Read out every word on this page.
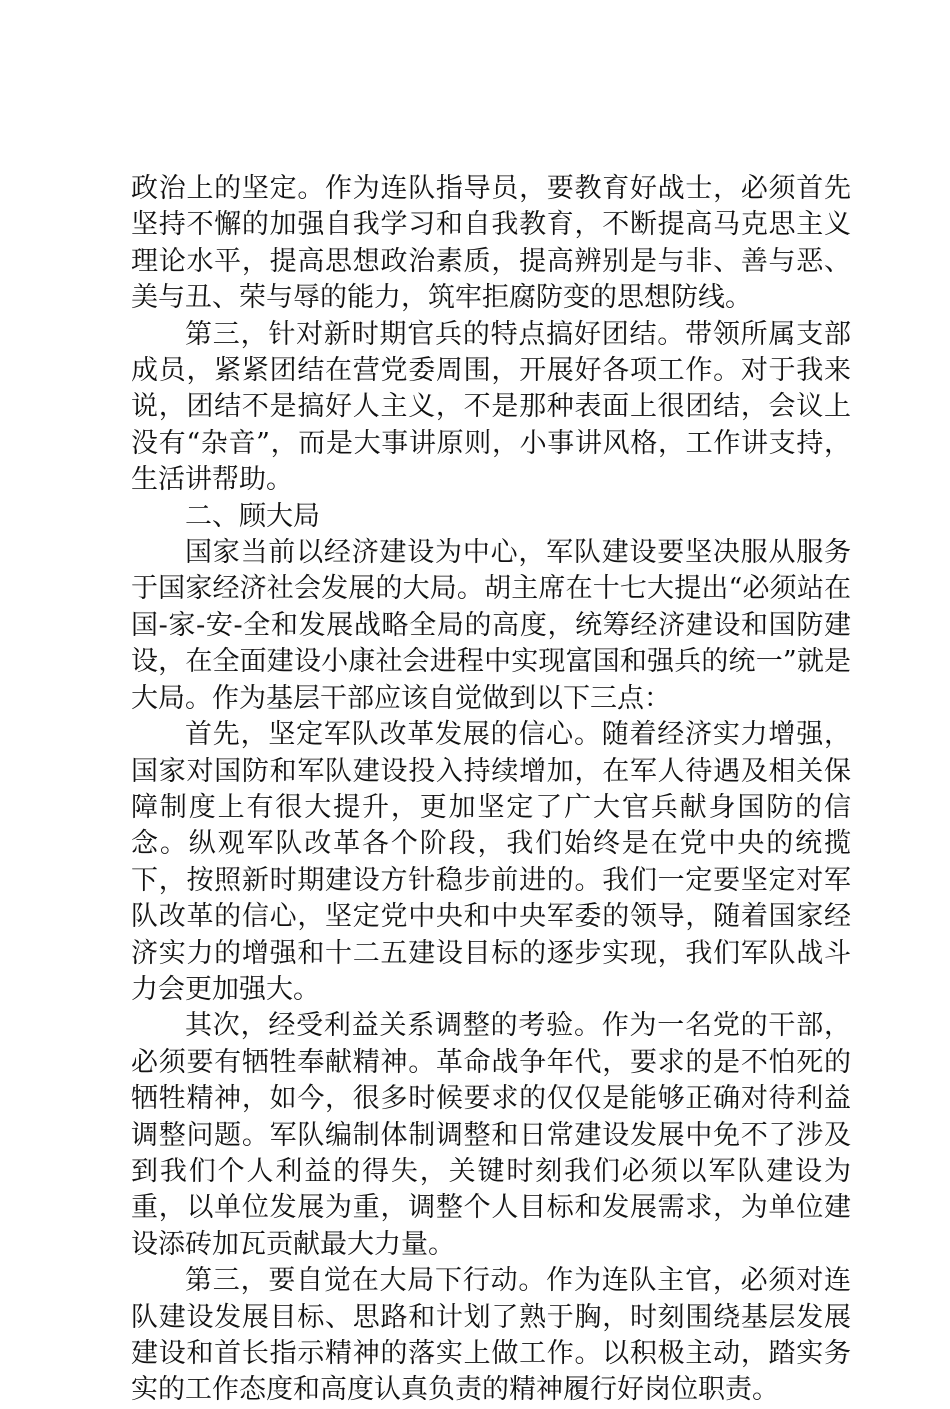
政治上的坚定。作为连队指导员，要教育好战士，必须首先坚持不懈的加强自我学习和自我教育，不断提高马克思主义理论水平，提高思想政治素质，提高辨别是与非、善与恶、美与丑、荣与辱的能力，筑牢拒腐防变的思想防线。

第三，针对新时期官兵的特点搞好团结。带领所属支部成员，紧紧团结在营党委周围，开展好各项工作。对于我来说，团结不是搞好人主义，不是那种表面上很团结，会议上没有“杂音”，而是大事讲原则，小事讲风格，工作讲支持，生活讲帮助。

二、顾大局

国家当前以经济建设为中心，军队建设要坚决服从服务于国家经济社会发展的大局。胡主席在十七大提出“必须站在国-家-安-全和发展战略全局的高度，统筹经济建设和国防建设，在全面建设小康社会进程中实现富国和强兵的统一”就是大局。作为基层干部应该自觉做到以下三点：

首先，坚定军队改革发展的信心。随着经济实力增强，国家对国防和军队建设投入持续增加，在军人待遇及相关保障制度上有很大提升，更加坚定了广大官兵献身国防的信念。纵观军队改革各个阶段，我们始终是在党中央的统揽下，按照新时期建设方针稳步前进的。我们一定要坚定对军队改革的信心，坚定党中央和中央军委的领导，随着国家经济实力的增强和十二五建设目标的逐步实现，我们军队战斗力会更加强大。

其次，经受利益关系调整的考验。作为一名党的干部，必须要有牺牲奉献精神。革命战争年代，要求的是不怕死的牺牲精神，如今，很多时候要求的仅仅是能够正确对待利益调整问题。军队编制体制调整和日常建设发展中免不了涉及到我们个人利益的得失，关键时刻我们必须以军队建设为重，以单位发展为重，调整个人目标和发展需求，为单位建设添砖加瓦贡献最大力量。

第三，要自觉在大局下行动。作为连队主官，必须对连队建设发展目标、思路和计划了熟于胸，时刻围绕基层发展建设和首长指示精神的落实上做工作。以积极主动，踏实务实的工作态度和高度认真负责的精神履行好岗位职责。
